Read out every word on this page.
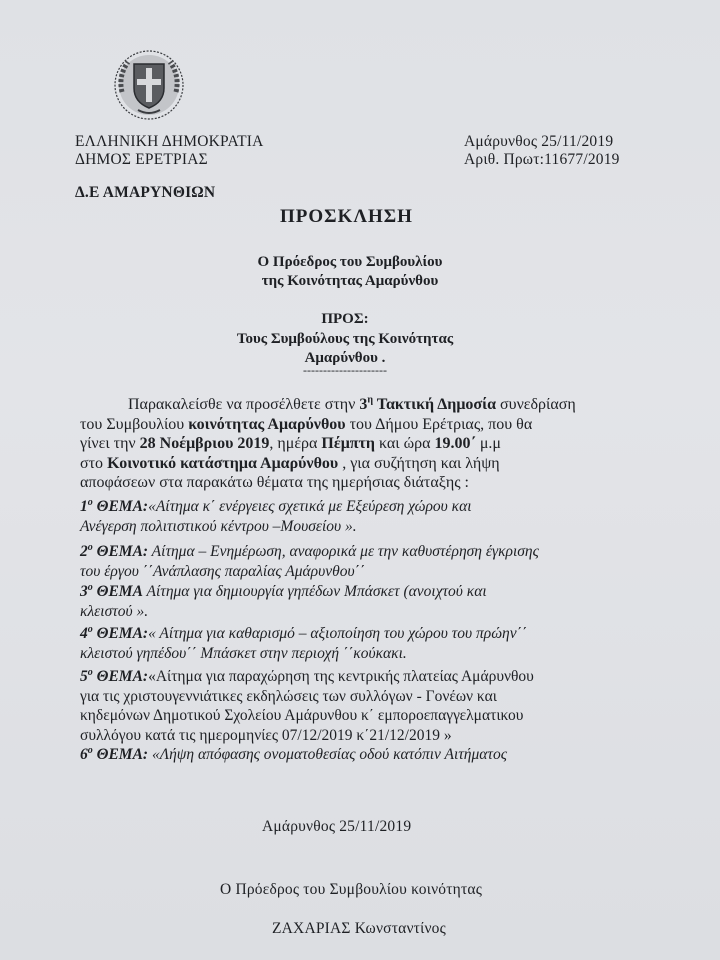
ΕΛΛΗΝΙΚΗ ΔΗΜΟΚΡΑΤΙΑ
ΔΗΜΟΣ ΕΡΕΤΡΙΑΣ
Δ.Ε ΑΜΑΡΥΝΘΙΩΝ
Αμάρυνθος 25/11/2019
Αριθ. Πρωτ:11677/2019
ΠΡΟΣΚΛΗΣΗ
Ο Πρόεδρος του Συμβουλίου
της Κοινότητας Αμαρύνθου
ΠΡΟΣ:
Τους Συμβούλους της Κοινότητας
Αμαρύνθου .
---------------------
Παρακαλείσθε να προσέλθετε στην $3^\eta$ Τακτική Δημοσία συνεδρίαση
του Συμβουλίου κοινότητας Αμαρύνθου του Δήμου Ερέτριας, που θα
γίνει την 28 Νοέμβριου 2019, ημέρα Πέμπτη και ώρα 19.00΄ μ.μ
στο Κοινοτικό κατάστημα Αμαρύνθου , για συζήτηση και λήψη
αποφάσεων στα παρακάτω θέματα της ημερήσιας διάταξης :
$1^o$ ΘΕΜΑ:«Αίτημα κ΄ ενέργειες σχετικά με Εξεύρεση χώρου και
Ανέγερση πολιτιστικού κέντρου –Μουσείου ».
$2^o$ ΘΕΜΑ: Αίτημα – Ενημέρωση, αναφορικά με την καθυστέρηση έγκρισης
του έργου ΄΄Ανάπλασης παραλίας Αμάρυνθου΄΄
$3^o$ ΘΕΜΑ Αίτημα για δημιουργία γηπέδων Μπάσκετ (ανοιχτού και
κλειστού ».
$4^o$ ΘΕΜΑ:« Αίτημα για καθαρισμό – αξιοποίηση του χώρου του πρώην΄΄
κλειστού γηπέδου΄΄ Μπάσκετ στην περιοχή ΄΄κούκακι.
$5^o$ ΘΕΜΑ:«Αίτημα για παραχώρηση της κεντρικής πλατείας Αμάρυνθου
για τις χριστουγεννιάτικες εκδηλώσεις των συλλόγων - Γονέων και
κηδεμόνων Δημοτικού Σχολείου Αμάρυνθου κ΄ εμποροεπαγγελματικου
συλλόγου κατά τις ημερομηνίες 07/12/2019 κ΄21/12/2019 »
$6^o$ ΘΕΜΑ: «Λήψη απόφασης ονοματοθεσίας οδού κατόπιν Αιτήματος
Αμάρυνθος 25/11/2019
Ο Πρόεδρος του Συμβουλίου κοινότητας
ΖΑΧΑΡΙΑΣ Κωνσταντίνος
